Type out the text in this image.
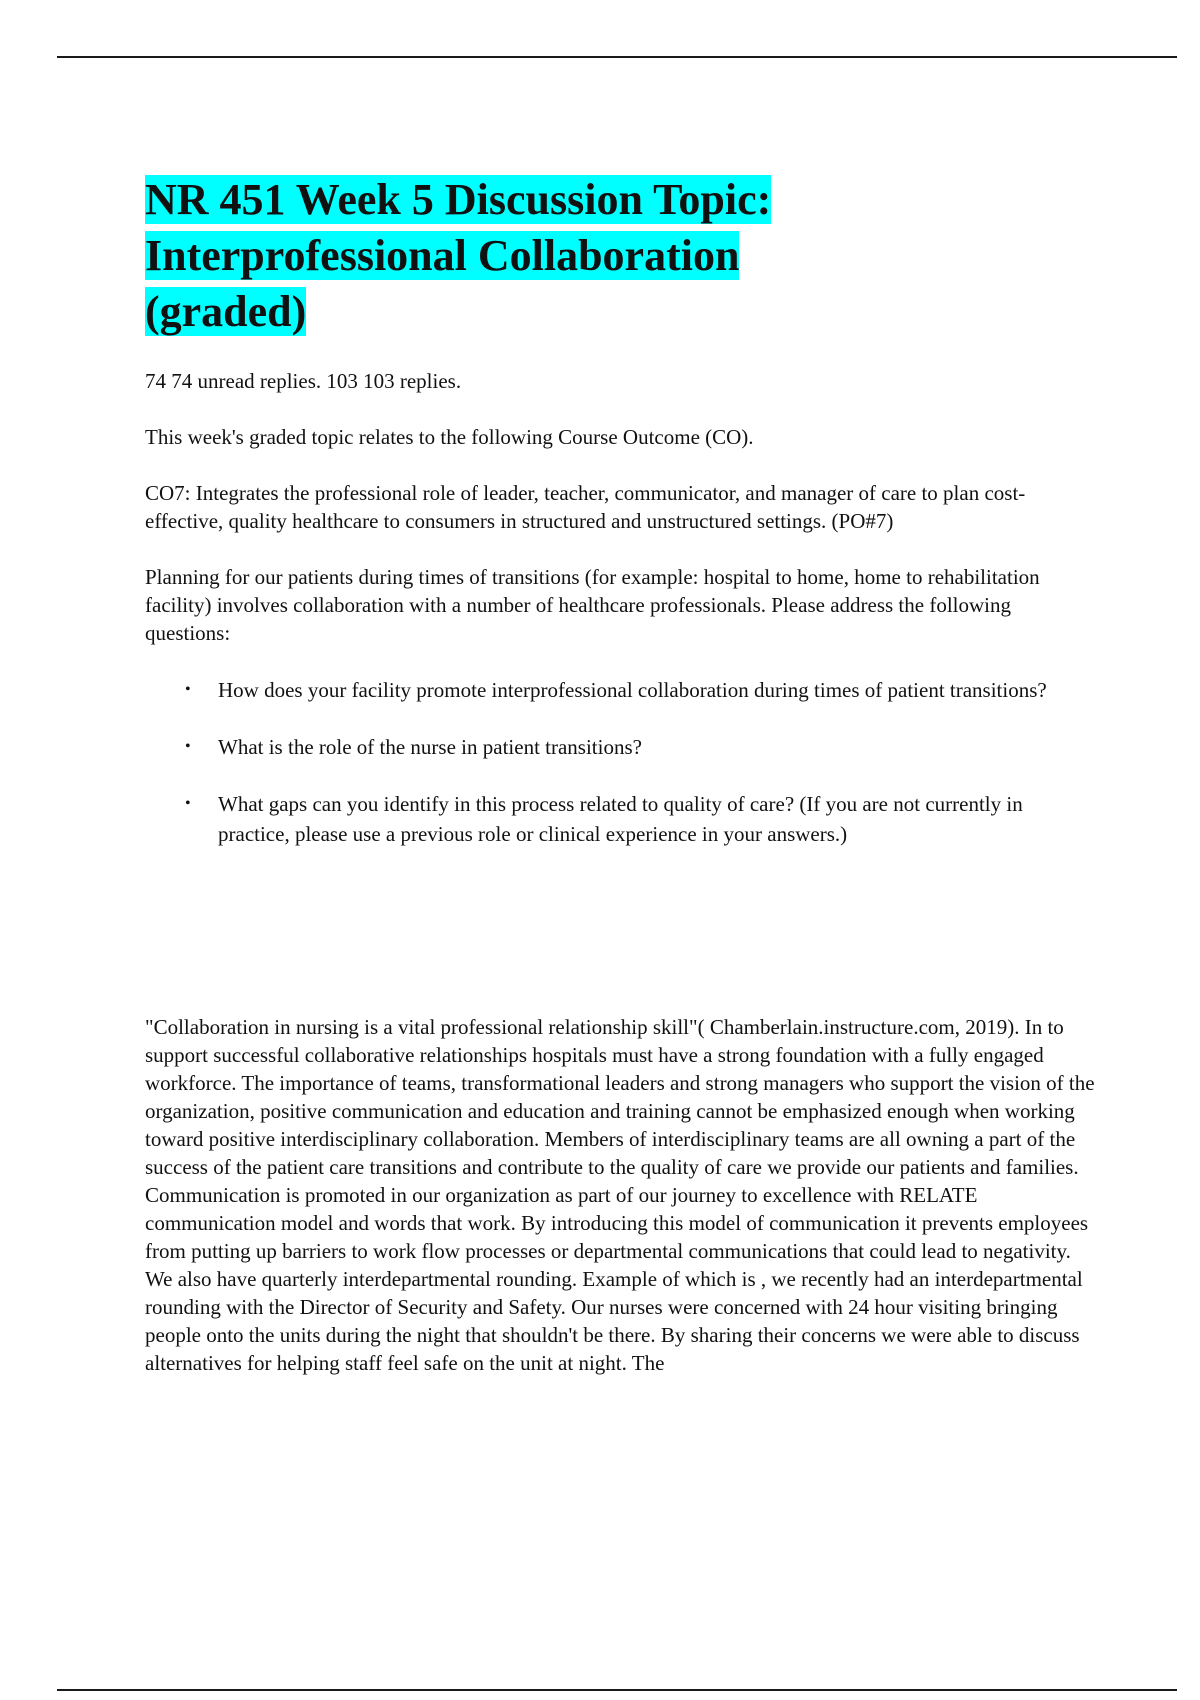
NR 451 Week 5 Discussion Topic:
Interprofessional Collaboration
(graded)

74 74 unread replies. 103 103 replies.

This week's graded topic relates to the following Course Outcome (CO).

CO7: Integrates the professional role of leader, teacher, communicator, and manager of care to plan cost-effective, quality healthcare to consumers in structured and unstructured settings. (PO#7)

Planning for our patients during times of transitions (for example: hospital to home, home to rehabilitation facility) involves collaboration with a number of healthcare professionals. Please address the following questions:

• How does your facility promote interprofessional collaboration during times of patient transitions?
• What is the role of the nurse in patient transitions?
• What gaps can you identify in this process related to quality of care? (If you are not currently in practice, please use a previous role or clinical experience in your answers.)

"Collaboration in nursing is a vital professional relationship skill"( Chamberlain.instructure.com, 2019). In to support successful collaborative relationships hospitals must have a strong foundation with a fully engaged workforce. The importance of teams, transformational leaders and strong managers who support the vision of the organization, positive communication and education and training cannot be emphasized enough when working toward positive interdisciplinary collaboration. Members of interdisciplinary teams are all owning a part of the success of the patient care transitions and contribute to the quality of care we provide our patients and families. Communication is promoted in our organization as part of our journey to excellence with RELATE communication model and words that work. By introducing this model of communication it prevents employees from putting up barriers to work flow processes or departmental communications that could lead to negativity. We also have quarterly interdepartmental rounding. Example of which is , we recently had an interdepartmental rounding with the Director of Security and Safety. Our nurses were concerned with 24 hour visiting bringing people onto the units during the night that shouldn't be there. By sharing their concerns we were able to discuss alternatives for helping staff feel safe on the unit at night. The
